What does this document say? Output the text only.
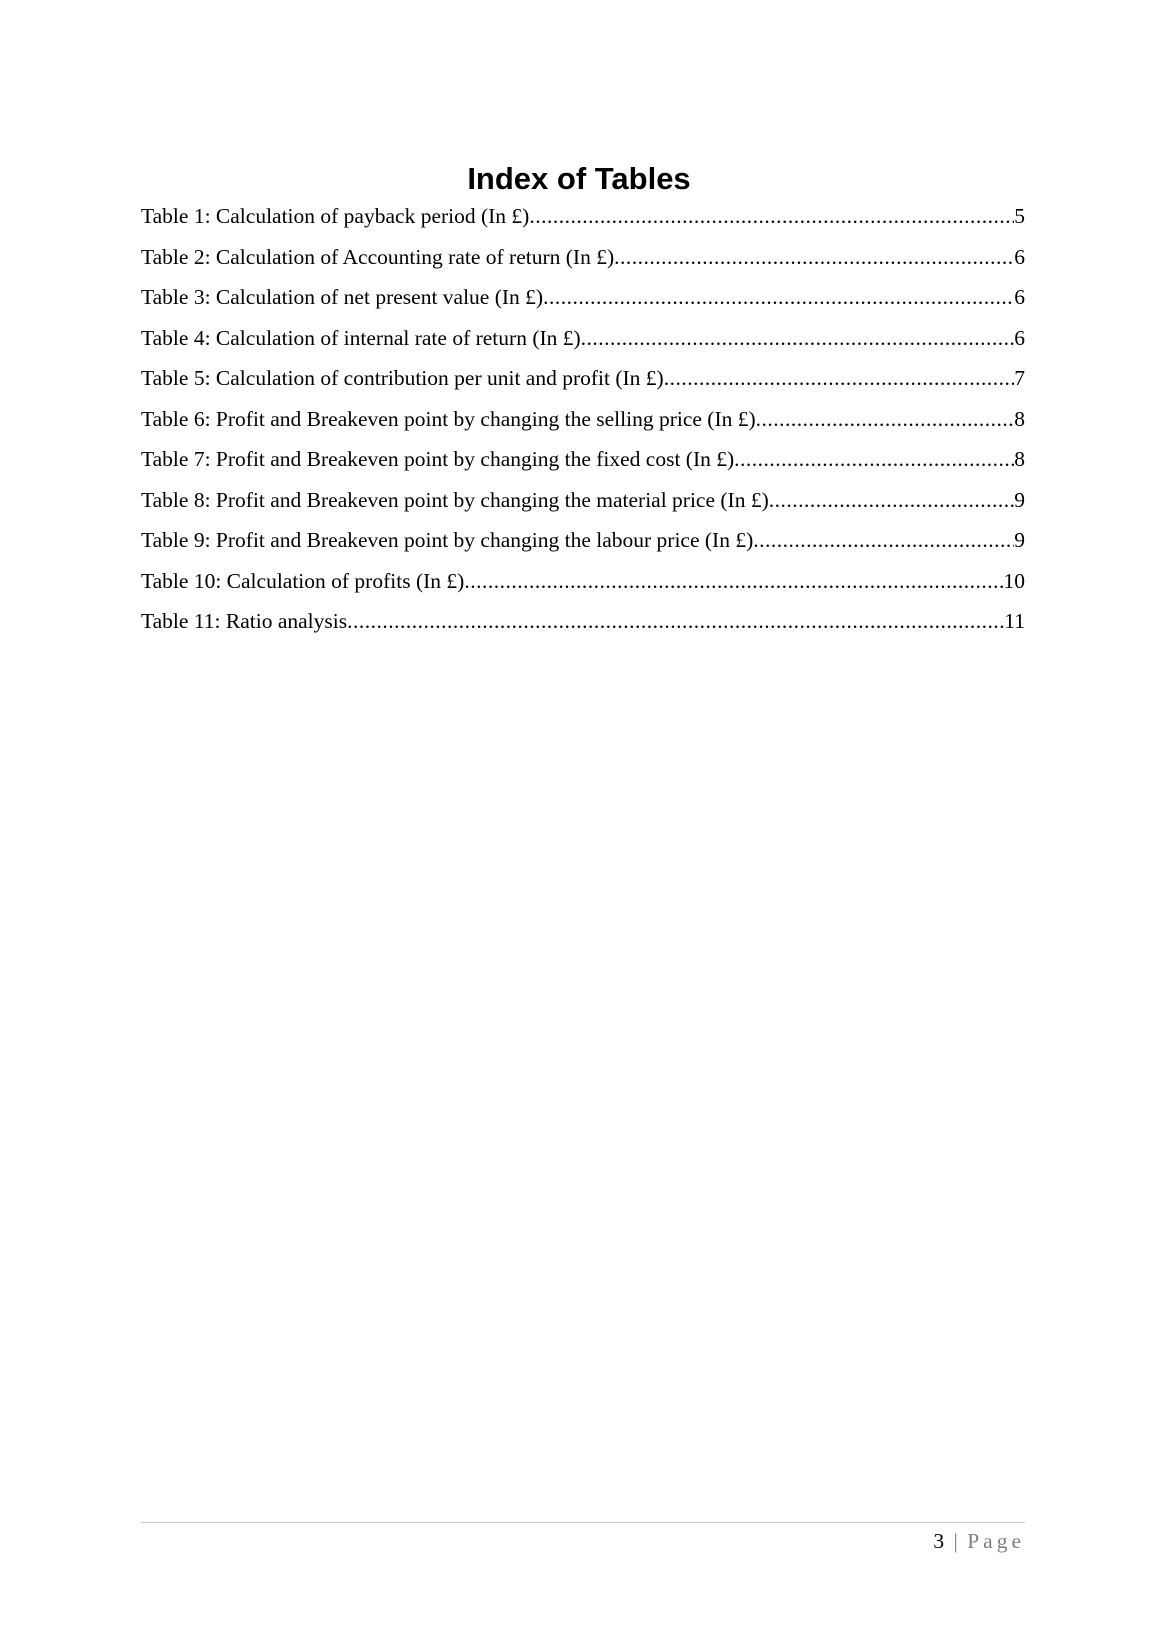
Index of Tables
Table 1: Calculation of payback period (In £) .....	5
Table 2: Calculation of Accounting rate of return (In £) .....	6
Table 3: Calculation of net present value (In £) .....	6
Table 4: Calculation of internal rate of return (In £) .....	6
Table 5: Calculation of contribution per unit and profit (In £) .....	7
Table 6: Profit and Breakeven point by changing the selling price (In £) .....	8
Table 7: Profit and Breakeven point by changing the fixed cost (In £) .....	8
Table 8: Profit and Breakeven point by changing the material price (In £) .....	9
Table 9: Profit and Breakeven point by changing the labour price (In £) .....	9
Table 10: Calculation of profits (In £) .....	10
Table 11: Ratio analysis .....	11
3 | Page
